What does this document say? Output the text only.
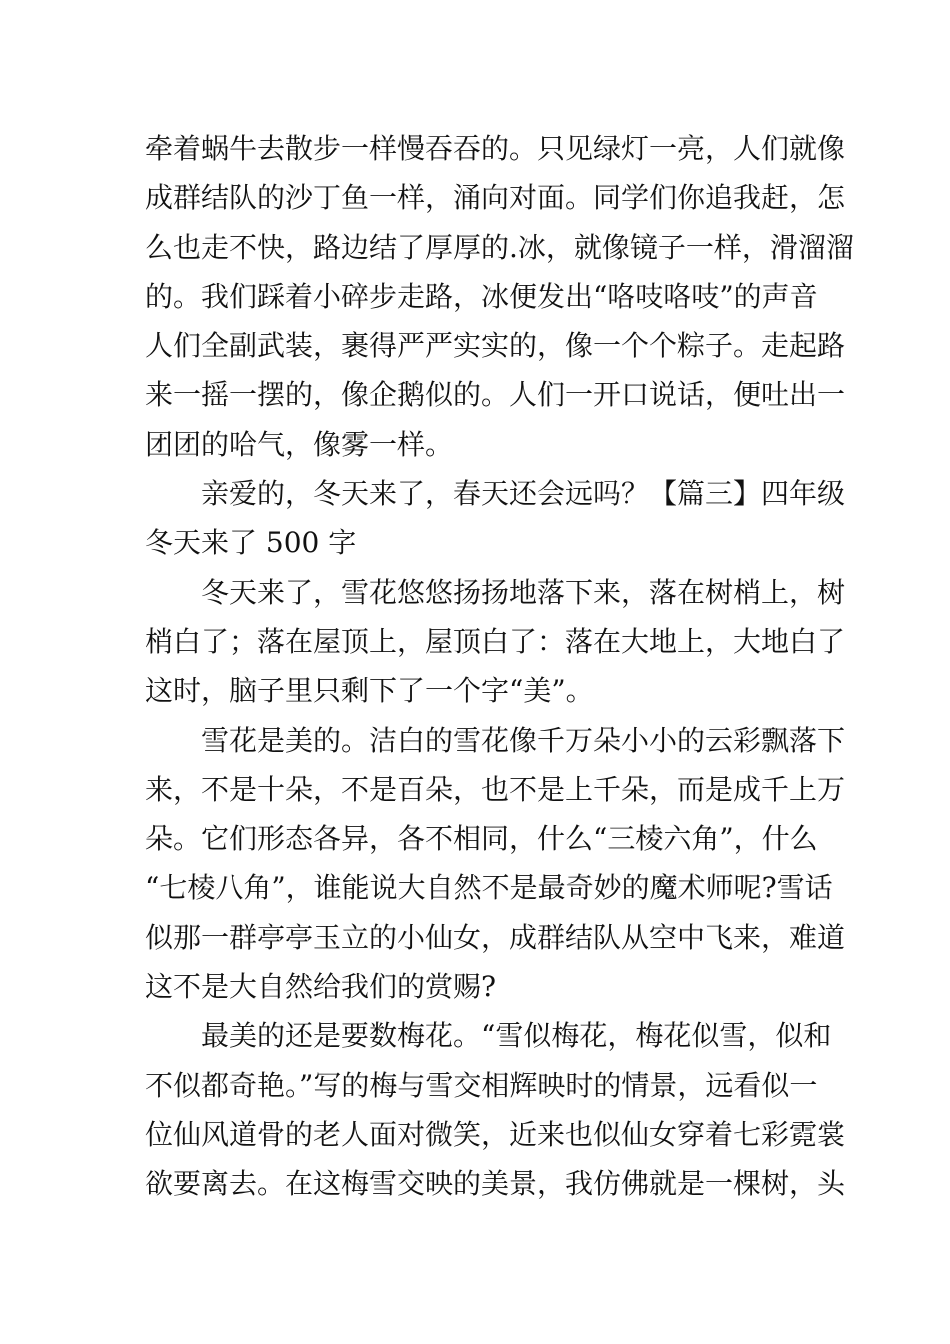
牵着蜗牛去散步一样慢吞吞的。只见绿灯一亮，人们就像
成群结队的沙丁鱼一样，涌向对面。同学们你追我赶，怎
么也走不快，路边结了厚厚的.冰，就像镜子一样，滑溜溜
的。我们踩着小碎步走路，冰便发出“咯吱咯吱”的声音
人们全副武装，裹得严严实实的，像一个个粽子。走起路
来一摇一摆的，像企鹅似的。人们一开口说话，便吐出一
团团的哈气，像雾一样。
亲爱的，冬天来了，春天还会远吗？【篇三】四年级
冬天来了 500 字
冬天来了，雪花悠悠扬扬地落下来，落在树梢上，树
梢白了；落在屋顶上，屋顶白了：落在大地上，大地白了
这时，脑子里只剩下了一个字“美”。
雪花是美的。洁白的雪花像千万朵小小的云彩飘落下
来，不是十朵，不是百朵，也不是上千朵，而是成千上万
朵。它们形态各异，各不相同，什么“三棱六角”，什么
“七棱八角”，谁能说大自然不是最奇妙的魔术师呢?雪话
似那一群亭亭玉立的小仙女，成群结队从空中飞来，难道
这不是大自然给我们的赏赐?
最美的还是要数梅花。“雪似梅花，梅花似雪，似和
不似都奇艳。”写的梅与雪交相辉映时的情景，远看似一
位仙风道骨的老人面对微笑，近来也似仙女穿着七彩霓裳
欲要离去。在这梅雪交映的美景，我仿佛就是一棵树，头
